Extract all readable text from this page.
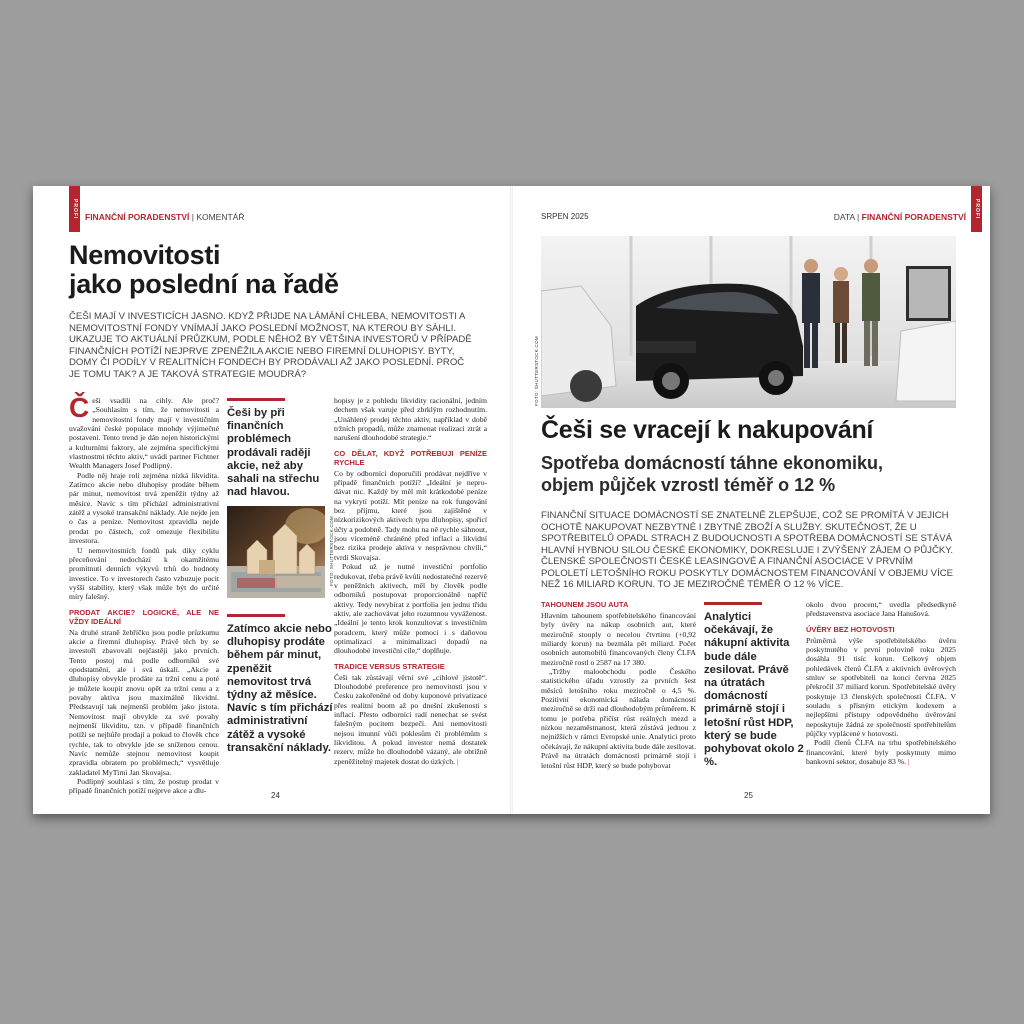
PROFI FINANČNÍ PORADENSTVÍ | KOMENTÁŘ
Nemovitosti
jako poslední na řadě
ČEŠI MAJÍ V INVESTICÍCH JASNO. KDYŽ PŘIJDE NA LÁMÁNÍ CHLEBA, NEMOVITOSTI A NEMOVITOSTNÍ FONDY VNÍMAJÍ JAKO POSLEDNÍ MOŽNOST, NA KTEROU BY SÁHLI. UKAZUJE TO AKTUÁLNÍ PRŮZKUM, PODLE NĚHOŽ BY VĚTŠINA INVESTORŮ V PŘÍPADĚ FINANČNÍCH POTÍŽÍ NEJPRVE ZPENĚŽILA AKCIE NEBO FIREMNÍ DLUHOPISY. BYTY, DOMY ČI PODÍLY V REALITNÍCH FONDECH BY PRODÁVALI AŽ JAKO POSLEDNÍ. PROČ JE TOMU TAK? A JE TAKOVÁ STRATEGIE MOUDRÁ?

Češi vsadili na cihly. Ale proč? „Souhlasím s tím, že nemovitosti a nemovitostní fondy mají v investičním uvažování české populace mnohdy výjimečné postavení. Tento trend je dán nejen historickými a kulturními faktory, ale zejména specifickými vlastnostmi těchto aktiv,“ uvádí partner Fichtner Wealth Managers Josef Podlipný.

Podle něj hraje roli zejména nízká likvidita. Zatímco akcie nebo dluhopisy prodáte během pár minut, nemovitost trvá zpeněžit týdny až měsíce. Navíc s tím přichází administrativní zátěž a vysoké transakční náklady. Ale nejde jen o čas a peníze. Nemovitost zpravidla nejde prodat po částech, což omezuje flexibilitu investora.

U nemovitostních fondů pak díky cyklu přeceňování nedochází k okamžitému promítnutí denních výkyvů trhů do hodnoty investice. To v investorech často vzbuzuje pocit vyšší stability, který však může být do určité míry falešný.

PRODAT AKCIE? LOGICKÉ, ALE NE VŽDY IDEÁLNÍ

Na druhé straně žebříčku jsou podle průzkumu akcie a firemní dluhopisy. Právě těch by se investoři zbavovali nejčastěji jako prvních. Tento postoj má podle odborníků své opodstatnění, ale i svá úskalí. „Akcie a dluhopisy obvykle prodáte za tržní cenu a poté je můžete koupit znovu opět za tržní cenu a z povahy aktiva jsou maximálně likvidní. Představují tak nejmenší problém jako jistota. Nemovitost mají obvykle za své povahy nejmenší likviditu, tzn. v případě finančních potíží se nejhůře prodají a pokud to člověk chce rychle, tak to obvykle jde se sníženou cenou. Navíc nemůže stejnou nemovitost koupit zpravidla obratem po problémech,“ vysvětluje zakladatel MyTimi Jan Skovajsa.

Podlipný souhlasí s tím, že postup prodat v případě finančních potíží nejprve akce a dlu-

Češi by při finančních problémech prodávali raději akcie, než aby sahali na střechu nad hlavou.
FOTO: SHUTTERSTOCK.COM
Zatímco akcie nebo dluhopisy prodáte během pár minut, zpeněžit nemovitost trvá týdny až měsíce. Navíc s tím přichází administrativní zátěž a vysoké transakční náklady.

hopisy je z pohledu likvidity racionální, jedním dechem však varuje před zbrklým rozhodnutím. „Unáhlený prodej těchto aktiv, například v době tržních propadů, může znamenat realizaci ztrát a narušení dlouhodobé strategie.“

CO DĚLAT, KDYŽ POTŘEBUJI PENÍZE RYCHLE

Co by odborníci doporučili prodávat nejdříve v případě finančních potíží? „Ideální je nepro-dávat nic. Každý by měl mít krátkodobé peníze na vykrytí potíží. Mít peníze na rok fungování bez příjmu, které jsou zajištěné v nízkorizikových aktivech typu dluhopisy, spořicí účty a podobně. Tady mohu na ně rychle sáhnout, jsou víceméně chráněné před inflací a likvidní bez rizika prodeje aktiva v nesprávnou chvíli,“ tvrdí Skovajsa.

Pokud už je nutné investiční portfolio redukovat, třeba právě kvůli nedostatečné rezervě v peněžních aktivech, měl by člověk podle odborníků postupovat proporcionálně napříč aktivy. Tedy nevybírat z portfolia jen jednu třídu aktiv, ale zachovávat jeho rozumnou vyváženost. „Ideální je tento krok konzultovat s investičním poradcem, který může pomoci i s daňovou optimalizací a minimalizací dopadů na dlouhodobé investiční cíle,“ doplňuje.

TRADICE VERSUS STRATEGIE

Češi tak zůstávají věrní své „cihlové jistotě“. Dlouhodobé preference pro nemovitosti jsou v Česku zakořeněné od doby kuponové privatizace přes realitní boom až po dnešní zkušenosti s inflací. Přesto odborníci radí nenechat se svést falešným pocitem bezpečí. Ani nemovitosti nejsou imunní vůči poklesům či problémům s likviditou. A pokud investor nemá dostatek rezerv, může ho dlouhodobě vázaný, ale obtížně zpeněžitelný majetek dostat do úzkých. |

24
SRPEN 2025	DATA | FINANČNÍ PORADENSTVÍ	PROFI
FOTO: SHUTTERSTOCK.COM
Češi se vracejí k nakupování
Spotřeba domácností táhne ekonomiku,
objem půjček vzrostl téměř o 12 %
FINANČNÍ SITUACE DOMÁCNOSTÍ SE ZNATELNĚ ZLEPŠUJE, COŽ SE PROMÍTÁ V JEJICH OCHOTĚ NAKUPOVAT NEZBYTNÉ I ZBYTNÉ ZBOŽÍ A SLUŽBY. SKUTEČNOST, ŽE U SPOTŘEBITELŮ OPADL STRACH Z BUDOUCNOSTI A SPOTŘEBA DOMÁCNOSTÍ SE STÁVÁ HLAVNÍ HYBNOU SILOU ČESKÉ EKONOMIKY, DOKRESLUJE I ZVÝŠENÝ ZÁJEM O PŮJČKY. ČLENSKÉ SPOLEČNOSTI ČESKÉ LEASINGOVÉ A FINANČNÍ ASOCIACE V PRVNÍM POLOLETÍ LETOŠNÍHO ROKU POSKYTLY DOMÁCNOSTEM FINANCOVÁNÍ V OBJEMU VÍCE NEŽ 16 MILIARD KORUN. TO JE MEZIROČNĚ TÉMĚŘ O 12 % VÍCE.
TAHOUNEM JSOU AUTA

Hlavním tahounem spotřebitelského financování byly úvěry na nákup osobních aut, které meziročně stouply o necelou čtvrtinu (+0,92 miliardy korun) na bezmála pět miliard. Počet osobních automobilů financovaných členy ČLFA meziročně rostl o 2587 na 17 380.

„Tržby maloobchodu podle Českého statistického úřadu vzrostly za prvních šest měsíců letošního roku meziročně o 4,5 %. Pozitivní ekonomická nálada domácností meziročně se drží nad dlouhodobým průměrem. K tomu je potřeba přičíst růst reálných mezd a nízkou nezaměstnanost, která zůstává jednou z nejnižších v rámci Evropské unie. Analytici proto očekávají, že nákupní aktivita bude dále zesilovat. Právě na útratách domácností primárně stojí i letošní růst HDP, který se bude pohybovat

Analytici očekávají, že nákupní aktivita bude dále zesilovat. Právě na útratách domácností primárně stojí i letošní růst HDP, který se bude pohybovat okolo 2 %.

okolo dvou procent,“ uvedla předsedkyně představenstva asociace Jana Hanušová.

ÚVĚRY BEZ HOTOVOSTI

Průměrná výše spotřebitelského úvěru poskytnutého v první polovině roku 2025 dosáhla 91 tisíc korun. Celkový objem pohledávek členů ČLFA z aktivních úvěrových smluv se spotřebiteli na konci června 2025 překročil 37 miliard korun. Spotřebitelské úvěry poskytuje 13 členských společností ČLFA. V souladu s přísným etickým kodexem a nejlepšími přístupy odpovědného úvěrování neposkytuje žádná ze společností spotřebitelům půjčky vyplácené v hotovosti.

Podíl členů ČLFA na trhu spotřebitelského financování, které byly poskytnuty mimo bankovní sektor, dosahuje 83 %. |

25
